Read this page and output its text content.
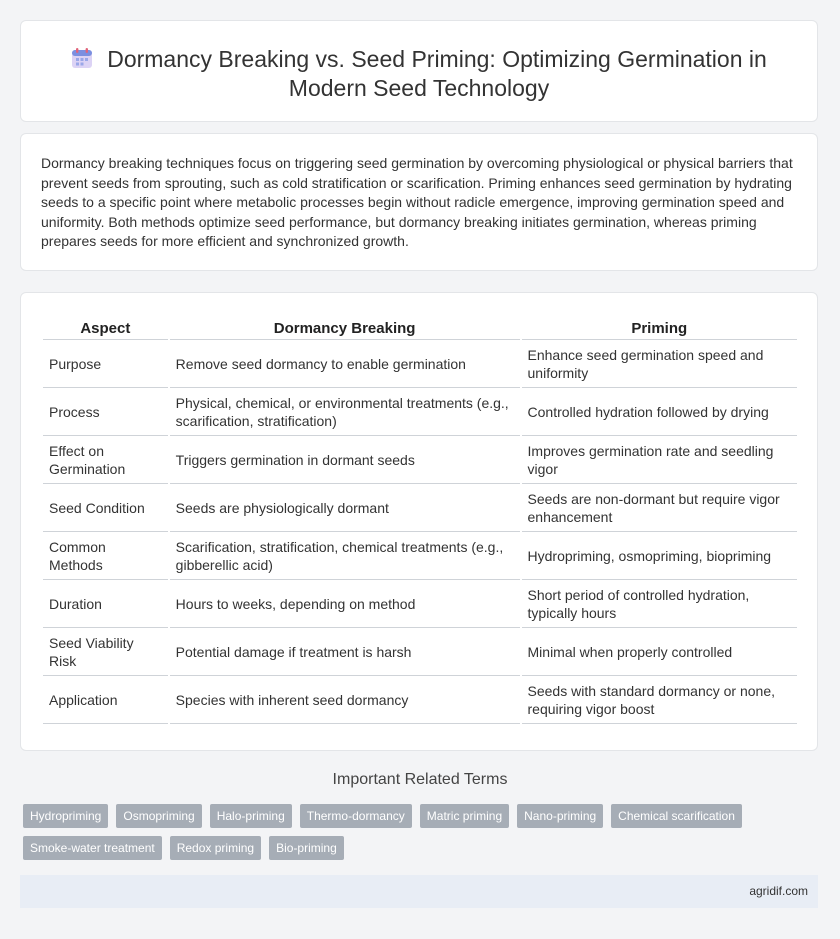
Dormancy Breaking vs. Seed Priming: Optimizing Germination in Modern Seed Technology

Dormancy breaking techniques focus on triggering seed germination by overcoming physiological or physical barriers that prevent seeds from sprouting, such as cold stratification or scarification. Priming enhances seed germination by hydrating seeds to a specific point where metabolic processes begin without radicle emergence, improving germination speed and uniformity. Both methods optimize seed performance, but dormancy breaking initiates germination, whereas priming prepares seeds for more efficient and synchronized growth.

Aspect	Dormancy Breaking	Priming
Purpose	Remove seed dormancy to enable germination	Enhance seed germination speed and uniformity
Process	Physical, chemical, or environmental treatments (e.g., scarification, stratification)	Controlled hydration followed by drying
Effect on Germination	Triggers germination in dormant seeds	Improves germination rate and seedling vigor
Seed Condition	Seeds are physiologically dormant	Seeds are non-dormant but require vigor enhancement
Common Methods	Scarification, stratification, chemical treatments (e.g., gibberellic acid)	Hydropriming, osmopriming, biopriming
Duration	Hours to weeks, depending on method	Short period of controlled hydration, typically hours
Seed Viability Risk	Potential damage if treatment is harsh	Minimal when properly controlled
Application	Species with inherent seed dormancy	Seeds with standard dormancy or none, requiring vigor boost
Important Related Terms
Hydropriming	Osmopriming	Halo-priming	Thermo-dormancy	Matric priming	Nano-priming	Chemical scarification
Smoke-water treatment	Redox priming	Bio-priming
agridif.com
